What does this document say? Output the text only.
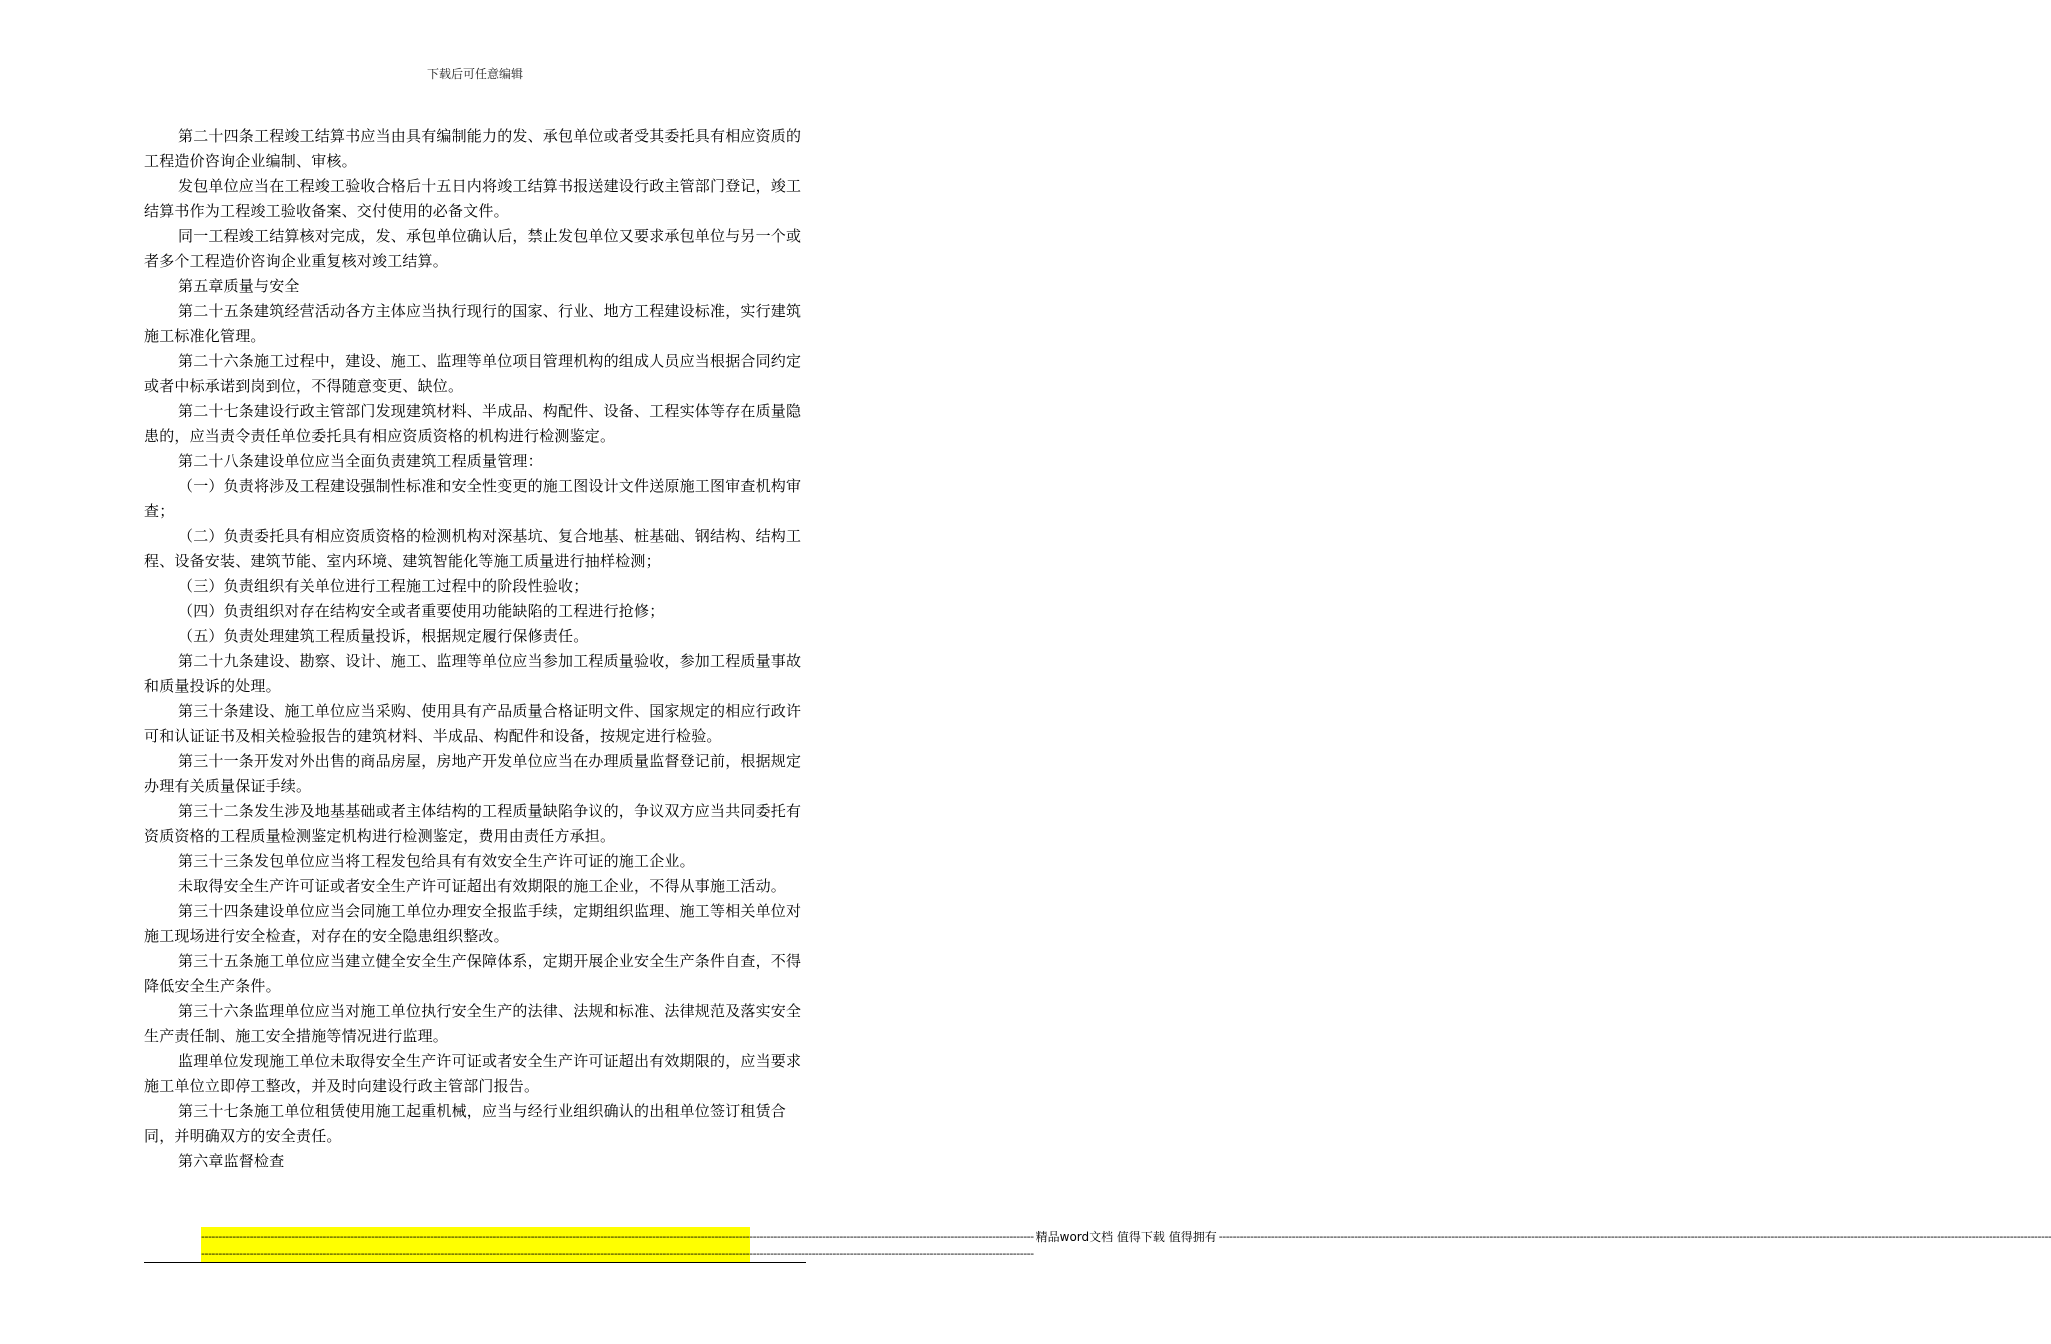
下载后可任意编辑

第二十四条工程竣工结算书应当由具有编制能力的发、承包单位或者受其委托具有相应资质的工程造价咨询企业编制、审核。

发包单位应当在工程竣工验收合格后十五日内将竣工结算书报送建设行政主管部门登记，竣工结算书作为工程竣工验收备案、交付使用的必备文件。

同一工程竣工结算核对完成，发、承包单位确认后，禁止发包单位又要求承包单位与另一个或者多个工程造价咨询企业重复核对竣工结算。

第五章质量与安全

第二十五条建筑经营活动各方主体应当执行现行的国家、行业、地方工程建设标准，实行建筑施工标准化管理。

第二十六条施工过程中，建设、施工、监理等单位项目管理机构的组成人员应当根据合同约定或者中标承诺到岗到位，不得随意变更、缺位。

第二十七条建设行政主管部门发现建筑材料、半成品、构配件、设备、工程实体等存在质量隐患的，应当责令责任单位委托具有相应资质资格的机构进行检测鉴定。

第二十八条建设单位应当全面负责建筑工程质量管理：

（一）负责将涉及工程建设强制性标准和安全性变更的施工图设计文件送原施工图审查机构审查；

（二）负责委托具有相应资质资格的检测机构对深基坑、复合地基、桩基础、钢结构、结构工程、设备安装、建筑节能、室内环境、建筑智能化等施工质量进行抽样检测；

（三）负责组织有关单位进行工程施工过程中的阶段性验收；

（四）负责组织对存在结构安全或者重要使用功能缺陷的工程进行抢修；

（五）负责处理建筑工程质量投诉，根据规定履行保修责任。

第二十九条建设、勘察、设计、施工、监理等单位应当参加工程质量验收，参加工程质量事故和质量投诉的处理。

第三十条建设、施工单位应当采购、使用具有产品质量合格证明文件、国家规定的相应行政许可和认证证书及相关检验报告的建筑材料、半成品、构配件和设备，按规定进行检验。

第三十一条开发对外出售的商品房屋，房地产开发单位应当在办理质量监督登记前，根据规定办理有关质量保证手续。

第三十二条发生涉及地基基础或者主体结构的工程质量缺陷争议的，争议双方应当共同委托有资质资格的工程质量检测鉴定机构进行检测鉴定，费用由责任方承担。

第三十三条发包单位应当将工程发包给具有有效安全生产许可证的施工企业。

未取得安全生产许可证或者安全生产许可证超出有效期限的施工企业，不得从事施工活动。

第三十四条建设单位应当会同施工单位办理安全报监手续，定期组织监理、施工等相关单位对施工现场进行安全检查，对存在的安全隐患组织整改。

第三十五条施工单位应当建立健全安全生产保障体系，定期开展企业安全生产条件自查，不得降低安全生产条件。

第三十六条监理单位应当对施工单位执行安全生产的法律、法规和标准、法律规范及落实安全生产责任制、施工安全措施等情况进行监理。

监理单位发现施工单位未取得安全生产许可证或者安全生产许可证超出有效期限的，应当要求施工单位立即停工整改，并及时向建设行政主管部门报告。

第三十七条施工单位租赁使用施工起重机械，应当与经行业组织确认的出租单位签订租赁合同，并明确双方的安全责任。

第六章监督检查

------------------------------------------------------------------------------------------------------------------------------------------------------------------------------------------------------------------------------------------------ 精品word文档 值得下载 值得拥有 ------------------------------------------------------------------------------------------------------------------------------------------------------------------------------------------------------------------------------------------------
------------------------------------------------------------------------------------------------------------------------------------------------------------------------------------------------------------------------------------------------
